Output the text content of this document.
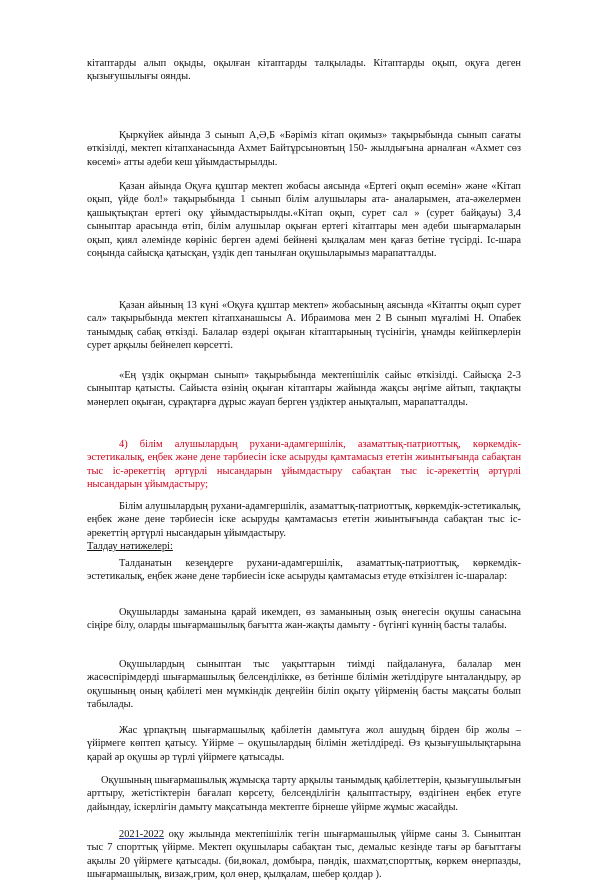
кітаптарды алып оқыды, оқылған кітаптарды талқылады. Кітаптарды оқып, оқуға деген қызығушылығы оянды.

Қыркүйек айында 3 сынып А,Ә,Б «Бәріміз кітап оқимыз» тақырыбында сынып сағаты өткізілді, мектеп кітапханасында Ахмет Байтұрсыновтың 150- жылдығына арналған «Ахмет сөз көсемі» атты әдеби кеш ұйымдастырылды.

Қазан айында Оқуға құштар мектеп жобасы аясында «Ертегі оқып өсемін» және «Кітап оқып, үйде бол!» тақырыбында 1 сынып білім алушылары ата- аналарымен, ата-әжелермен қашықтықтан ертегі оқу ұйымдастырылды.«Кітап оқып, сурет сал » (сурет байқауы) 3,4 сыныптар арасында өтіп, білім алушылар оқыған ертегі кітаптары мен әдеби шығармаларын оқып, қиял әлемінде көрініс берген әдемі бейнені қылқалам мен қағаз бетіне түсірді. Іс-шара соңында сайысқа қатысқан, үздік деп танылған оқушыларымыз марапатталды.

Қазан айының 13 күні «Оқуға құштар мектеп» жобасының аясында «Кітапты оқып сурет сал» тақырыбында мектеп кітапханашысы А. Ибраимова мен 2 В сынып мұғалімі Н. Опабек танымдық сабақ өткізді. Балалар өздері оқыған кітаптарының түсінігін, ұнамды кейіпкерлерін сурет арқылы бейнелеп көрсетті.

«Ең үздік оқырман сынып» тақырыбында мектепішілік сайыс өткізілді. Сайысқа 2-3 сыныптар қатысты. Сайыста өзінің оқыған кітаптары жайында жақсы әңгіме айтып, тақпақты мәнерлеп оқыған, сұрақтарға дұрыс жауап берген үздіктер анықталып, марапатталды.

4) білім алушылардың рухани-адамгершілік, азаматтық-патриоттық, көркемдік-эстетикалық, еңбек және дене тәрбиесін іске асыруды қамтамасыз ететін жиынтығында сабақтан тыс іс-әрекеттің әртүрлі нысандарын ұйымдастыру сабақтан тыс іс-әрекеттің әртүрлі нысандарын ұйымдастыру;

Білім алушылардың рухани-адамгершілік, азаматтық-патриоттық, көркемдік-эстетикалық, еңбек және дене тәрбиесін іске асыруды қамтамасыз ететін жиынтығында сабақтан тыс іс-әрекеттің әртүрлі нысандарын ұйымдастыру.

Талдау нәтижелері:

Талданатын кезеңдерге рухани-адамгершілік, азаматтық-патриоттық, көркемдік-эстетикалық, еңбек және дене тәрбиесін іске асыруды қамтамасыз етуде өткізілген іс-шаралар:

Оқушыларды заманына қарай икемдеп, өз заманының озық өнегесін оқушы санасына сіңіре білу, оларды шығармашылық бағытта жан-жақты дамыту - бүгінгі күннің басты талабы.

Оқушылардың сыныптан тыс уақыттарын тиімді пайдалануға, балалар мен жасөспірімдерді шығармашылық белсенділікке, өз бетінше білімін жетілдіруге ынталандыру, әр оқушының оның қабілеті мен мүмкіндік деңгейін біліп оқыту үйірменің басты мақсаты болып табылады.

Жас ұрпақтың шығармашылық қабілетін дамытуға жол ашудың бірден бір жолы – үйірмеге көптеп қатысу. Үйірме – оқушылардың білімін жетілдіреді. Өз қызығушылықтарына қарай әр оқушы әр түрлі үйірмеге қатысады.

Оқушының шығармашылық жұмысқа тарту арқылы танымдық қабілеттерін, қызығушылығын арттыру, жетістіктерін бағалап көрсету, белсенділігін қалыптастыру, өздігінен еңбек етуге дайындау, іскерлігін дамыту мақсатында мектепте бірнеше үйірме жұмыс жасайды.

2021-2022 оқу жылында мектепішілік тегін шығармашылық үйірме саны 3. Сыныптан тыс 7 спорттық үйірме. Мектеп оқушылары сабақтан тыс, демалыс кезінде тағы әр бағыттағы ақылы 20 үйірмеге қатысады. (би,вокал, домбыра, пәндік, шахмат,спорттық, көркем өнерпазды, шығармашылық, визаж,грим, қол өнер, қылқалам, шебер қолдар ).
